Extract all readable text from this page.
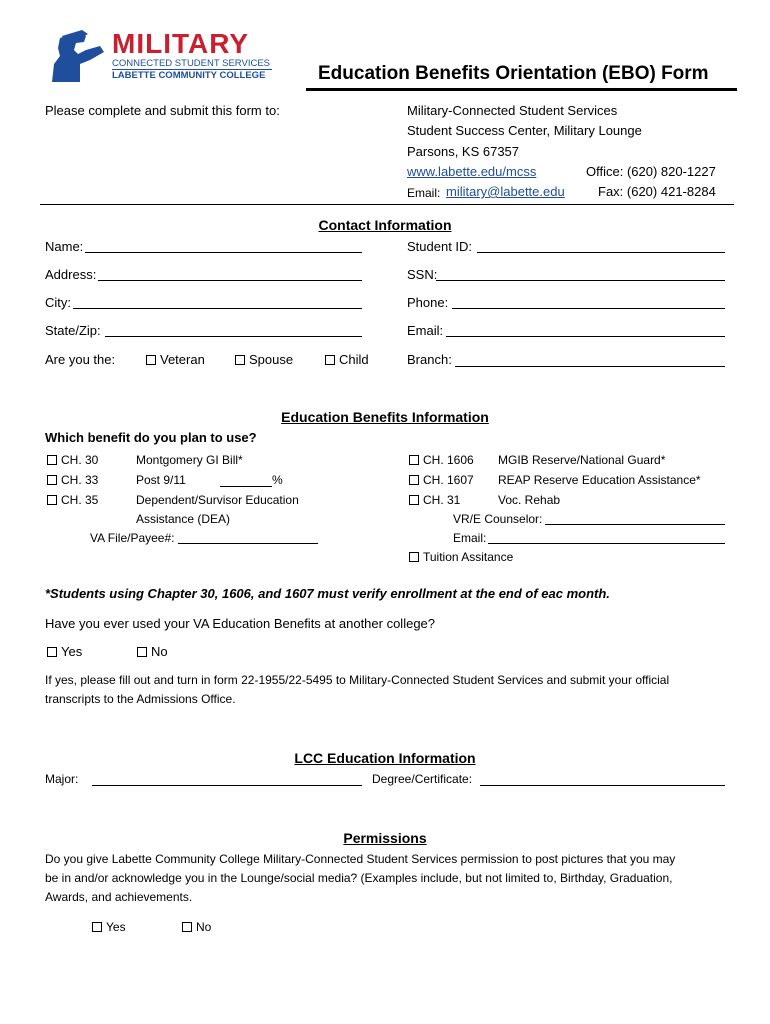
MILITARY
CONNECTED STUDENT SERVICES
LABETTE COMMUNITY COLLEGE	Education Benefits Orientation (EBO) Form
Please complete and submit this form to:	Military-Connected Student Services
Student Success Center, Military Lounge
Parsons, KS 67357
www.labette.edu/mcss	Office: (620) 820-1227
Email: military@labette.edu	Fax: (620) 421-8284
Contact Information
Name:
Address:
City:
State/Zip:
Are you the:	Veteran	Spouse	Child
Student ID:
SSN:
Phone:
Email:
Branch:
Education Benefits Information
Which benefit do you plan to use?
CH. 30	Montgomery GI Bill*
CH. 33	Post 9/11	%
CH. 35	Dependent/Survisor Education
Assistance (DEA)
VA File/Payee#:
CH. 1606 MGIB Reserve/National Guard*
CH. 1607 REAP Reserve Education Assistance*
CH. 31	Voc. Rehab
VR/E Counselor:
Email:
Tuition Assitance
*Students using Chapter 30, 1606, and 1607 must verify enrollment at the end of eac month.
Have you ever used your VA Education Benefits at another college?
Yes	No
If yes, please fill out and turn in form 22-1955/22-5495 to Military-Connected Student Services and submit your official
transcripts to the Admissions Office.
LCC Education Information
Major:	Degree/Certificate:
Permissions
Do you give Labette Community College Military-Connected Student Services permission to post pictures that you may
be in and/or acknowledge you in the Lounge/social media? (Examples include, but not limited to, Birthday, Graduation,
Awards, and achievements.
Yes	No
